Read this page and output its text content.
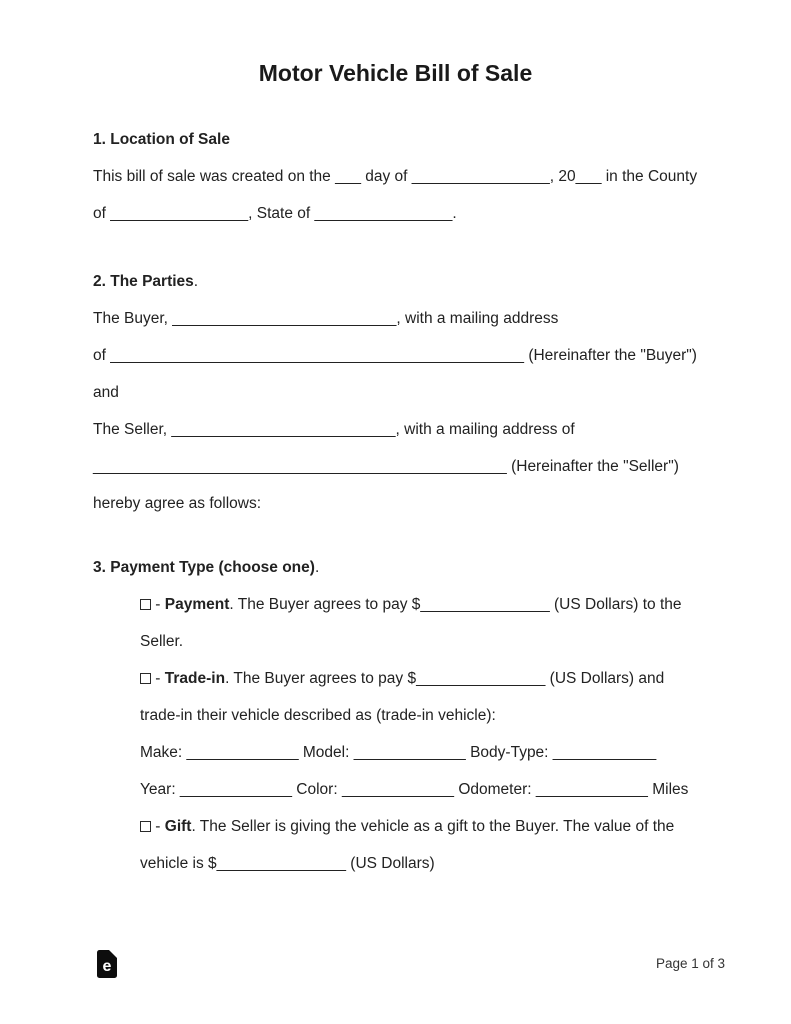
Motor Vehicle Bill of Sale
1. Location of Sale
This bill of sale was created on the ___ day of ________________, 20___ in the County
of ________________, State of ________________.
2. The Parties.
The Buyer, __________________________, with a mailing address
of ________________________________________________ (Hereinafter the "Buyer")
and
The Seller, __________________________, with a mailing address of
________________________________________________ (Hereinafter the "Seller")
hereby agree as follows:
3. Payment Type (choose one).
- Payment. The Buyer agrees to pay $_______________ (US Dollars) to the
Seller.
- Trade-in. The Buyer agrees to pay $_______________ (US Dollars) and
trade-in their vehicle described as (trade-in vehicle):
Make: _____________ Model: _____________ Body-Type: ____________
Year: _____________ Color: _____________ Odometer: _____________ Miles
- Gift. The Seller is giving the vehicle as a gift to the Buyer. The value of the
vehicle is $_______________ (US Dollars)
e	Page 1 of 3
